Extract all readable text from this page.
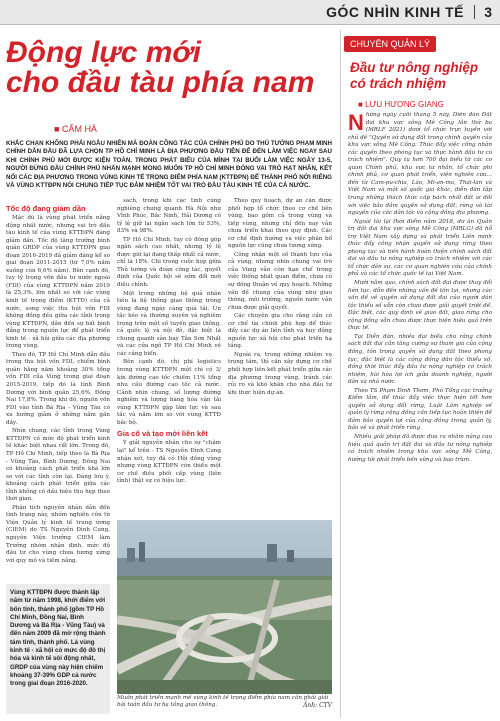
GÓC NHÌN KINH TẾ 3
Động lực mới
cho đầu tàu phía nam
■ CẨM HÀ
KHẮC CHẠN KHÔNG PHẢI NGẪU NHIÊN MÀ ĐOÀN CÔNG TÁC CỦA CHÍNH PHỦ DO THỦ TƯỚNG PHẠM MINH CHÍNH DẪN ĐẦU ĐÃ LỰA CHỌN TP HỒ CHÍ MINH LÀ ĐỊA PHƯƠNG ĐẦU TIÊN ĐỂ ĐẾN LÀM VIỆC NGAY SAU KHI CHÍNH PHỦ MỚI ĐƯỢC KIỆN TOÀN. TRONG PHÁT BIỂU CỦA MÌNH TẠI BUỔI LÀM VIỆC NGÀY 13-5, NGƯỜI ĐỨNG ĐẦU CHÍNH PHỦ NHẤN MẠNH MONG MUỐN TP HỒ CHÍ MINH ĐÓNG VAI TRÒ HẠT NHÂN, KẾT NỐI CÁC ĐỊA PHƯƠNG TRONG VÙNG KINH TẾ TRỌNG ĐIỂM PHÍA NAM (KTTĐPN) ĐỂ THÀNH PHỐ NỚI RIÊNG VÀ VÙNG KTTĐPN NÓI CHUNG TIẾP TỤC ĐẢM NHIỆM TỐT VAI TRÒ ĐẦU TÀU KINH TẾ CỦA CẢ NƯỚC.
Tốc độ đang giảm dần

Mặc dù là vùng phát triển năng động nhất nước, nhưng vai trò đầu tàu kinh tế của vùng KTTĐPN đang giảm dần. Tốc độ tăng trưởng bình quân GRDP của vùng KTTĐPN giai đoạn 2016-2019 đã giảm đáng kể so giai đoạn 2011-2015 (từ 7,0% năm xuống còn 6,6% năm). Bên cạnh đó, tuy tỷ trọng vốn đầu tư nước ngoài (FDI) của vùng KTTĐPN năm 2019 là 25,3%, lớn nhất so với các vùng kinh tế trọng điểm (KTTĐ) của cả nước, song việc thu hút vốn FDI không đồng đều giữa các tỉnh trong vùng KTTĐPN, dẫn đến sự bất bình đẳng trong nguồn lực để phát triển kinh tế - xã hội giữa các địa phương trong vùng.

Theo đó, TP Hồ Chí Minh dẫn đầu trong thu hút vốn FDI, chiếm bình quân hằng năm khoảng 30% tổng vốn FDI của Vùng trong giai đoạn 2015-2019, tiếp đó là tỉnh Bình Dương với bình quân 25,6%, Đồng Nai 17,8%. Trong khi đó, nguồn vốn FDI vào tỉnh Bà Rịa - Vũng Tàu có xu hướng giảm ở những năm gần đây.

Nhìn chung, các tỉnh trong Vùng KTTĐPN có mức độ phát triển kinh tế khác biệt nhau rất lớn. Trong đó, TP Hồ Chí Minh, tiếp theo là Bà Rịa - Vũng Tàu, Bình Dương, Đồng Nai có khoảng cách phát triển khá lớn so với các tỉnh còn lại. Đáng lưu ý, khoảng cách phát triển giữa các tỉnh không có dấu hiệu thu hẹp theo thời gian.

Phân tích nguyên nhân dẫn đến tình trạng này, nhóm nghiên cứu từ Viện Quản lý kinh tế trung ương (CIEM) do TS Nguyễn Đình Cung, nguyên Viện trưởng CIEM làm Trưởng nhóm nhận định, mức độ đầu tư cho vùng chưa tương xứng với quy mô và tiềm năng.

sách, trong khi các tỉnh cũng nghiêng chung quanh Hà Nội như Vĩnh Phúc, Bắc Ninh, Hải Dương có tỷ lệ giữ lại ngân sách lớn từ 53%, 83% và 98%.

TP Hồ Chí Minh, tuy có đóng góp ngân sách cao nhất, nhưng tỷ lệ được giữ lại đang thấp nhất cả nước, chỉ là 18%. Chi trong cuộc họp giữa Thủ tướng và đoàn công tác, quyết định của Quốc hội sẽ sớm đổi mới điều chỉnh.

Một trong những hệ quả nhãn tiền là hệ thống giao thông trong vùng đang ngày càng quá tải. Ùn tắc kéo và thường xuyên và nghiêm trọng trên một số tuyến giao thông, cả quốc lộ và nội đô, đặc biệt là chung quanh sân bay Tân Sơn Nhất và các cửa ngõ TP Hồ Chí Minh về các cảng biển.

Bên cạnh đó, chi phí logistics trong vùng KTTĐPN một chi có 3/ kín đường cao tốc chiếm 11% tổng nhu cầu đường cao tốc cả nước. Cảnh nhìn chung, số lượng đường nghiêm và lượng hàng hóa vận tải vùng KTTĐPN gặp lắm lực và sau tắc và năm lớn so với vùng KTTĐ bắc bộ.

Gia cố và tạo mới liên kết

Ý giải nguyên nhân cho sự "chậm lại" kể trên - TS Nguyễn Đình Cung nhận xét, tuy đã có Hội đồng vùng nhưng vùng KTTĐPN còn thiếu một cơ chế điều phối cấp vùng (liên tỉnh) thật sự có hiệu lực.

Theo quy hoạch, dự án cần được phối hợp tổ chức theo cơ chế liên vùng, bao gồm cả trong vùng và tiếp vùng, nhưng chỉ đến nay vẫn chưa triển khai theo quy định. Các cơ chế định hướng và việc phân bổ nguồn lực cũng chưa tương xứng.

Công nhận một số thành tựu của cả vùng, nhưng nhìn chung vai trò của Vùng vẫn còn hạn chế trong việc thống nhất quan điểm, chưa có sự đồng thuận về quy hoạch. Những vấn đề chung của vùng như giao thông, môi trường, nguồn nước vẫn chưa được giải quyết.

Các chuyên gia cho rằng cần có cơ chế tài chính phù hợp để thúc đẩy các dự án liên tỉnh và huy động nguồn lực xã hội cho phát triển hạ tầng.

Ngoài ra, trong những nhiệm vụ trọng tâm, thì cần xây dựng cơ chế phối hợp liên kết phát triển giữa các địa phương trong vùng, tránh các rủi ro và khó khăn cho nhà đầu tư khi thực hiện dự án.

Vùng KTTĐPN được thành lập năm từ năm 1998, khởi điểm với bốn tỉnh, thành phố (gồm TP Hồ Chí Minh, Đồng Nai, Bình Dương và Bà Rịa - Vũng Tàu) và đến năm 2009 đã mở rộng thành tám tỉnh, thành phố. Là vùng kinh tế - xã hội có mức độ đô thị hóa và kinh tế sôi động nhất, GRDP của vùng này hiện chiếm khoảng 37-39% GDP cả nước trong giai đoạn 2016-2020.
Muốn phát triển mạnh mẽ vùng kinh tế trọng điểm phía nam cần phải giải bài toán đầu tư hạ tầng giao thông.	Ảnh: CTV
CHUYÊN QUẢN LÝ
Đầu tư nông nghiệp
có trách nhiệm
■ LƯU HƯƠNG GIANG
N hững ngày cuối tháng 5 này, Diễn đàn Đất đai khu vực sông Mê Công lần thứ ba (MRLF 2021) dưới tổ chức trực tuyến với chủ đề "Quyền sử dụng đất trong chính quyền của khu vực sông Mê Công: Thúc đẩy việc công nhận các quyền theo phong tục và thực hành đầu tư có trách nhiệm". Quy tụ hơn 700 đại biểu từ các cơ quan Chính phủ, khu vực tư nhân, tổ chức phi chính phủ, cơ quan phát triển, viện nghiên cứu... đến từ Cam-pu-chia, Lào, Mi-an-ma, Thái-lan và Việt Nam và một số quốc gia khác, diễn đàn tập trung những thách thức cấp bách nhất đất ai đối với việc bảo đảm quyền sử dụng đất, rừng và tài nguyên của các dân tộc và cộng đồng địa phương.

Ngoài tài lại thời điểm năm 2018, dư án Quản trị đất đai khu vực sông Mê Công (MRLG) đã hỗ trợ Việt Nam xây dựng và phát triển Liên minh thúc đẩy công nhận quyền sử dụng rừng theo phong tục và tiến hành hoàn thiện chính sách đất đai và đầu tư nông nghiệp có trách nhiệm với các tổ chức dân sự, các cơ quan nghiên cứu của chính phủ và các tổ chức quốc tế tại Việt Nam.

Mười năm qua, chính sách đất đai được thay đổi liên tục, dẫn đến những vấn đề tồn tại, nhưng các vấn đề về quyền sử dụng đất đai của người dân tộc thiểu số vẫn còn chưa được giải quyết triệt để. Đặc biệt, các quy định về giao đất, giao rừng cho cộng đồng vẫn chưa được thực hiện hiệu quả trên thực tế.

Tại Diễn đàn, nhiều đại biểu cho rằng chính sách đất đai cần tăng cường sự tham gia của cộng đồng, tôn trọng quyền sử dụng đất theo phong tục, đặc biệt là các cộng đồng dân tộc thiểu số, đồng thời thúc đẩy đầu tư nông nghiệp có trách nhiệm, hài hòa lợi ích giữa doanh nghiệp, người dân và nhà nước.

Theo TS Phạm Đình Thơm, Phó Tổng cục trưởng Kiểm lâm, để thúc đẩy việc thực hiện tốt hơn quyền sử dụng đất rừng, Luật Lâm nghiệp về quản lý rừng cộng đồng cần tiếp tục hoàn thiện để đảm bảo quyền lợi của cộng đồng trong quản lý, bảo vệ và phát triển rừng.

Nhiều giải pháp đã được đưa ra nhằm nâng cao hiệu quả quản trị đất đai và đầu tư nông nghiệp có trách nhiệm trong khu vực sông Mê Công, hướng tới phát triển bền vững và bao trùm.
